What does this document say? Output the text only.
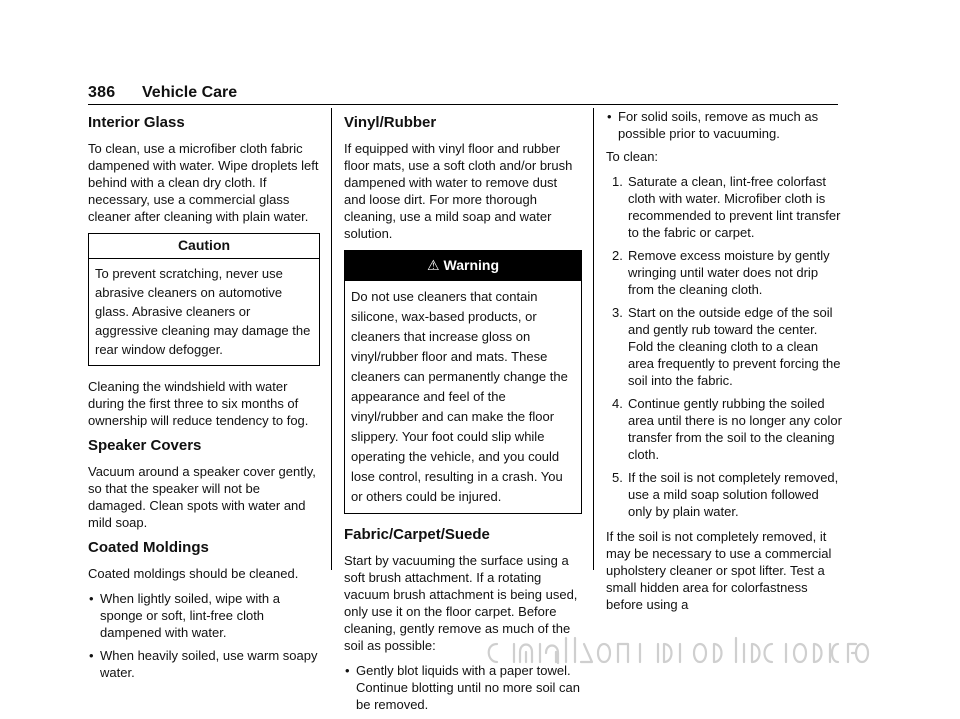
386 Vehicle Care
Interior Glass

To clean, use a microfiber cloth fabric dampened with water. Wipe droplets left behind with a clean dry cloth. If necessary, use a commercial glass cleaner after cleaning with plain water.

Caution
To prevent scratching, never use abrasive cleaners on automotive glass. Abrasive cleaners or aggressive cleaning may damage the rear window defogger.

Cleaning the windshield with water during the first three to six months of ownership will reduce tendency to fog.

Speaker Covers

Vacuum around a speaker cover gently, so that the speaker will not be damaged. Clean spots with water and mild soap.

Coated Moldings

Coated moldings should be cleaned.

• When lightly soiled, wipe with a sponge or soft, lint-free cloth dampened with water.
• When heavily soiled, use warm soapy water.
Vinyl/Rubber

If equipped with vinyl floor and rubber floor mats, use a soft cloth and/or brush dampened with water to remove dust and loose dirt. For more thorough cleaning, use a mild soap and water solution.

⚠ Warning
Do not use cleaners that contain silicone, wax-based products, or cleaners that increase gloss on vinyl/rubber floor and mats. These cleaners can permanently change the appearance and feel of the vinyl/rubber and can make the floor slippery. Your foot could slip while operating the vehicle, and you could lose control, resulting in a crash. You or others could be injured.
Fabric/Carpet/Suede

Start by vacuuming the surface using a soft brush attachment. If a rotating vacuum brush attachment is being used, only use it on the floor carpet. Before cleaning, gently remove as much of the soil as possible:

• Gently blot liquids with a paper towel. Continue blotting until no more soil can be removed.
• For solid soils, remove as much as possible prior to vacuuming.

To clean:

1. Saturate a clean, lint-free colorfast cloth with water. Microfiber cloth is recommended to prevent lint transfer to the fabric or carpet.
2. Remove excess moisture by gently wringing until water does not drip from the cleaning cloth.
3. Start on the outside edge of the soil and gently rub toward the center. Fold the cleaning cloth to a clean area frequently to prevent forcing the soil into the fabric.
4. Continue gently rubbing the soiled area until there is no longer any color transfer from the soil to the cleaning cloth.
5. If the soil is not completely removed, use a mild soap solution followed only by plain water.

If the soil is not completely removed, it may be necessary to use a commercial upholstery cleaner or spot lifter. Test a small hidden area for colorfastness before using a
